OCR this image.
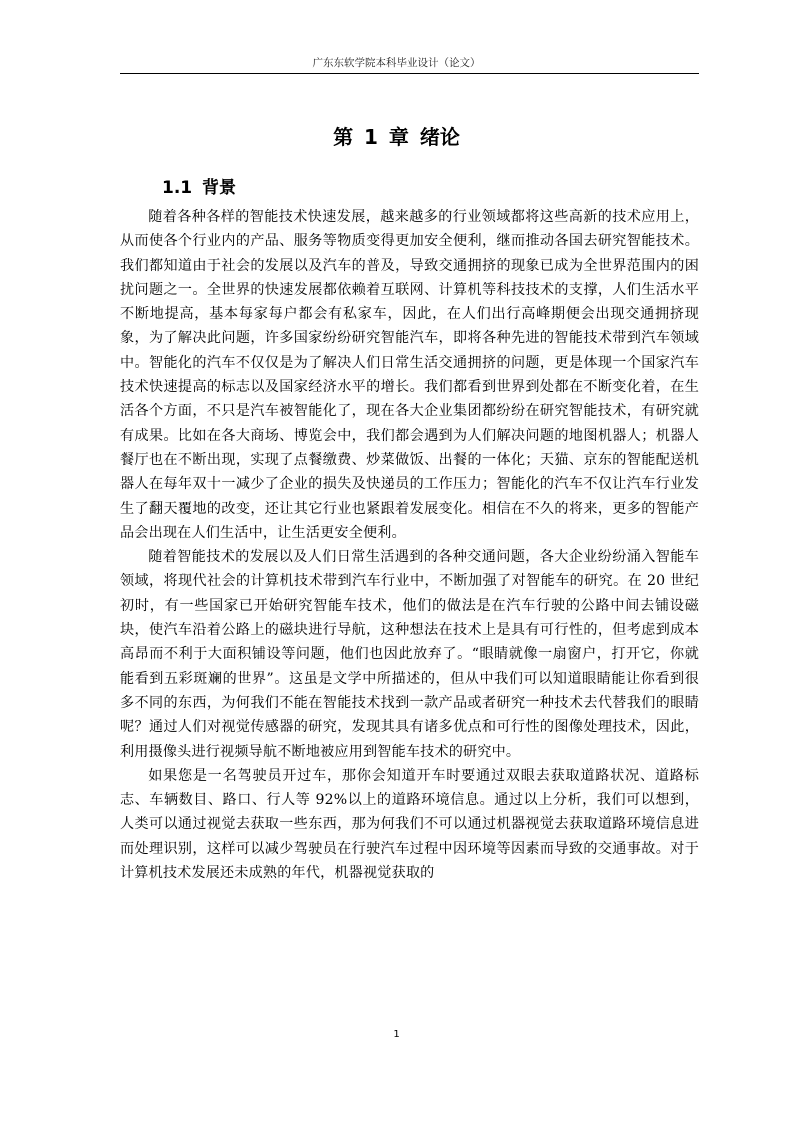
广东东软学院本科毕业设计（论文）
第 1 章 绪论
1.1 背景

随着各种各样的智能技术快速发展，越来越多的行业领域都将这些高新的技术应用上，从而使各个行业内的产品、服务等物质变得更加安全便利，继而推动各国去研究智能技术。我们都知道由于社会的发展以及汽车的普及，导致交通拥挤的现象已成为全世界范围内的困扰问题之一。全世界的快速发展都依赖着互联网、计算机等科技技术的支撑，人们生活水平不断地提高，基本每家每户都会有私家车，因此，在人们出行高峰期便会出现交通拥挤现象，为了解决此问题，许多国家纷纷研究智能汽车，即将各种先进的智能技术带到汽车领域中。智能化的汽车不仅仅是为了解决人们日常生活交通拥挤的问题，更是体现一个国家汽车技术快速提高的标志以及国家经济水平的增长。我们都看到世界到处都在不断变化着，在生活各个方面，不只是汽车被智能化了，现在各大企业集团都纷纷在研究智能技术，有研究就有成果。比如在各大商场、博览会中，我们都会遇到为人们解决问题的地图机器人；机器人餐厅也在不断出现，实现了点餐缴费、炒菜做饭、出餐的一体化；天猫、京东的智能配送机器人在每年双十一减少了企业的损失及快递员的工作压力；智能化的汽车不仅让汽车行业发生了翻天覆地的改变，还让其它行业也紧跟着发展变化。相信在不久的将来，更多的智能产品会出现在人们生活中，让生活更安全便利。

随着智能技术的发展以及人们日常生活遇到的各种交通问题，各大企业纷纷涌入智能车领域，将现代社会的计算机技术带到汽车行业中，不断加强了对智能车的研究。在 20 世纪初时，有一些国家已开始研究智能车技术，他们的做法是在汽车行驶的公路中间去铺设磁块，使汽车沿着公路上的磁块进行导航，这种想法在技术上是具有可行性的，但考虑到成本高昂而不利于大面积铺设等问题，他们也因此放弃了。“眼睛就像一扇窗户，打开它，你就能看到五彩斑斓的世界”。这虽是文学中所描述的，但从中我们可以知道眼睛能让你看到很多不同的东西，为何我们不能在智能技术找到一款产品或者研究一种技术去代替我们的眼睛呢？通过人们对视觉传感器的研究，发现其具有诸多优点和可行性的图像处理技术，因此，利用摄像头进行视频导航不断地被应用到智能车技术的研究中。

如果您是一名驾驶员开过车，那你会知道开车时要通过双眼去获取道路状况、道路标志、车辆数目、路口、行人等 92%以上的道路环境信息。通过以上分析，我们可以想到，人类可以通过视觉去获取一些东西，那为何我们不可以通过机器视觉去获取道路环境信息进而处理识别，这样可以减少驾驶员在行驶汽车过程中因环境等因素而导致的交通事故。对于计算机技术发展还未成熟的年代，机器视觉获取的

1
